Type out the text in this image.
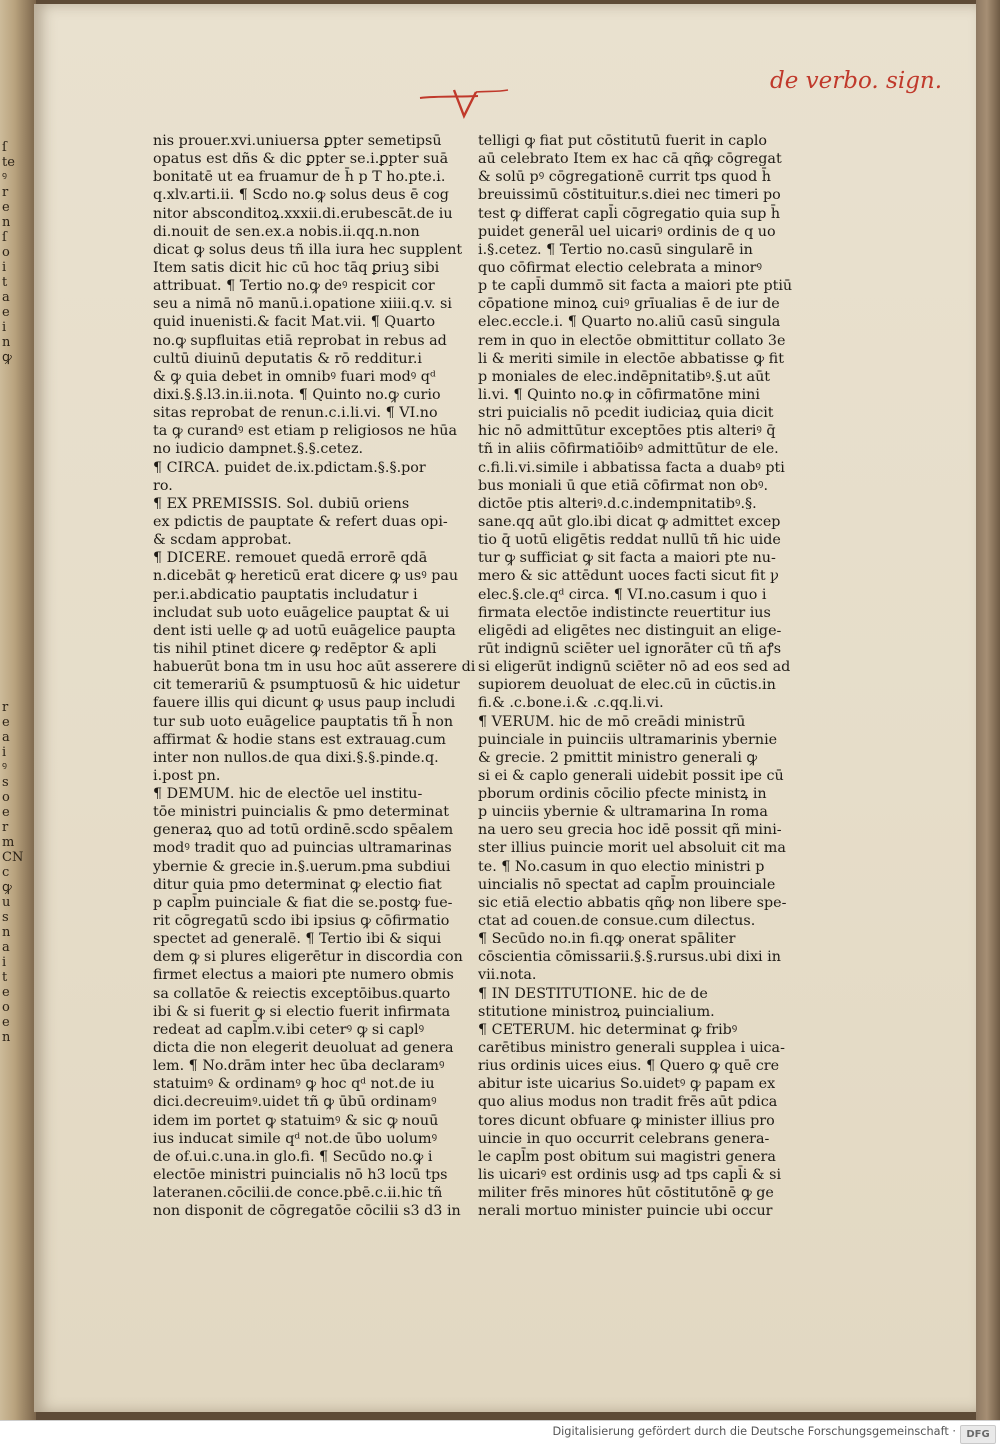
ſ
te
ꝰ
r
e
n
ſ
o
i
t
a
e
i
n
ꝙ
r
e
a
i
ꝰ
s
o
e
r
m
CN
c
ꝙ
u
s
n
a
i
t
e
o
e
n
de verbo. sign.
nis prouer.xvi.uniuersa ꝑpter semetipsū
opatus est dñs & dic ꝑpter se.i.ꝑpter suā
bonitatē ut ea fruamur de h̄ p T ho.pte.i.
q.xlv.arti.ii. ¶ Scdo no.ꝙ solus deus ē cog
nitor absconditoꝝ.xxxii.di.erubescāt.de iu
di.nouit de sen.ex.a nobis.ii.qq.n.non
dicat ꝙ solus deus tñ illa iura hec supplent
Item satis dicit hic cū hoc tāq ꝑriuꝫ sibi
attribuat. ¶ Tertio no.ꝙ deꝰ respicit cor
seu a nimā nō manū.i.opatione xiiii.q.v. si
quid inuenisti.& facit Mat.vii. ¶ Quarto
no.ꝙ supfluitas etiā reprobat in rebus ad
cultū diuinū deputatis & rō redditur.i
& ꝙ quia debet in omnibꝰ fuari modꝰ qᵈ
dixi.§.§.l3.in.ii.nota. ¶ Quinto no.ꝙ curio
sitas reprobat de renun.c.i.li.vi. ¶ VI.no
ta ꝙ curandꝰ est etiam p religiosos ne hūa
no iudicio dampnet.§.§.cetez.
¶ CIRCA. puidet de.ix.pdictam.§.§.por
ro.
¶ EX PREMISSIS. Sol. dubiū oriens
ex pdictis de pauptate & refert duas opi-
& scdam approbat.
¶ DICERE. remouet quedā errorē qdā
n.dicebāt ꝙ hereticū erat dicere ꝙ usꝰ pau
per.i.abdicatio pauptatis includatur i
includat sub uoto euāgelice pauptat & ui
dent isti uelle ꝙ ad uotū euāgelice paupta
tis nihil ptinet dicere ꝙ redēptor & apli
habuerūt bona tm in usu hoc aūt asserere di
cit temerariū & psumptuosū & hic uidetur
fauere illis qui dicunt ꝙ usus paup includi
tur sub uoto euāgelice pauptatis tñ h̄ non
affirmat & hodie stans est extrauag.cum
inter non nullos.de qua dixi.§.§.pinde.q.
i.post pn.
¶ DEMUM. hic de electōe uel institu-
tōe ministri puincialis & pmo determinat
generaꝝ quo ad totū ordinē.scdo spēalem
modꝰ tradit quo ad puincias ultramarinas
ybernie & grecie in.§.uerum.pma subdiui
ditur quia pmo determinat ꝙ electio fiat
p capl̄m puinciale & fiat die se.postꝙ fue-
rit cōgregatū scdo ibi ipsius ꝙ cōfirmatio
spectet ad generalē. ¶ Tertio ibi & siqui
dem ꝙ si plures eligerētur in discordia con
firmet electus a maiori pte numero obmis
sa collatōe & reiectis exceptōibus.quarto
ibi & si fuerit ꝙ si electio fuerit infirmata
redeat ad capl̄m.v.ibi ceterꝰ ꝙ si caplꝰ
dicta die non elegerit deuoluat ad genera
lem. ¶ No.drām inter hec ūba declaramꝰ
statuimꝰ & ordinamꝰ ꝙ hoc qᵈ not.de iu
dici.decreuimꝰ.uidet tñ ꝙ ūbū ordinamꝰ
idem im portet ꝙ statuimꝰ & sic ꝙ nouū
ius inducat simile qᵈ not.de ūbo uolumꝰ
de of.ui.c.una.in glo.fi. ¶ Secūdo no.ꝙ i
electōe ministri puincialis nō h3 locū tps
lateranen.cōcilii.de conce.pbē.c.ii.hic tñ
non disponit de cōgregatōe cōcilii s3 d3 in
telligi ꝙ fiat put cōstitutū fuerit in caplo
aū celebrato Item ex hac cā qñꝙ cōgregat
& solū pꝰ cōgregationē currit tps quod h̄
breuissimū cōstituitur.s.diei nec timeri po
test ꝙ differat capl̄i cōgregatio quia sup h̄
puidet generāl uel uicariꝰ ordinis de q uo
i.§.cetez. ¶ Tertio no.casū singularē in
quo cōfirmat electio celebrata a minorꝰ
p te capl̄i dummō sit facta a maiori pte ptiū
cōpatione minoꝝ cuiꝰ grīualias ē de iur de
elec.eccle.i. ¶ Quarto no.aliū casū singula
rem in quo in electōe obmittitur collato 3e
li & meriti simile in electōe abbatisse ꝙ fit
p moniales de elec.indēpnitatibꝰ.§.ut aūt
li.vi. ¶ Quinto no.ꝙ in cōfirmatōne mini
stri puicialis nō pcedit iudiciaꝝ quia dicit
hic nō admittūtur exceptōes ptis alteriꝰ q̄
tñ in aliis cōfirmatiōibꝰ admittūtur de ele.
c.fi.li.vi.simile i abbatissa facta a duabꝰ pti
bus moniali ū que etiā cōfirmat non obꝰ.
dictōe ptis alteriꝰ.d.c.indempnitatibꝰ.§.
sane.qq aūt glo.ibi dicat ꝙ admittet excep
tio q̄ uotū eligētis reddat nullū tñ hic uide
tur ꝙ sufficiat ꝙ sit facta a maiori pte nu-
mero & sic attēdunt uoces facti sicut fit ꝩ
elec.§.cle.qᵈ circa. ¶ VI.no.casum i quo i
firmata electōe indistincte reuertitur ius
eligēdi ad eligētes nec distinguit an elige-
rūt indignū sciēter uel ignorāter cū tñ aꝭs
si eligerūt indignū sciēter nō ad eos sed ad
supiorem deuoluat de elec.cū in cūctis.in
fi.& .c.bone.i.& .c.qq.li.vi.
¶ VERUM. hic de mō creādi ministrū
puinciale in puinciis ultramarinis ybernie
& grecie. 2 pmittit ministro generali ꝙ
si ei & caplo generali uidebit possit ipe cū
pborum ordinis cōcilio pfecte ministꝝ in
p uinciis ybernie & ultramarina In roma
na uero seu grecia hoc idē possit qñ mini-
ster illius puincie morit uel absoluit cit ma
te. ¶ No.casum in quo electio ministri p
uincialis nō spectat ad capl̄m prouinciale
sic etiā electio abbatis qñꝙ non libere spe-
ctat ad couen.de consue.cum dilectus.
¶ Secūdo no.in fi.qꝙ onerat spāliter
cōscientia cōmissarii.§.§.rursus.ubi dixi in
vii.nota.
¶ IN DESTITUTIONE. hic de de
stitutione ministroꝝ puincialium.
¶ CETERUM. hic determinat ꝙ fribꝰ
carētibus ministro generali supplea i uica-
rius ordinis uices eius. ¶ Quero ꝙ quē cre
abitur iste uicarius So.uidetꝰ ꝙ papam ex
quo alius modus non tradit frēs aūt pdica
tores dicunt obfuare ꝙ minister illius pro
uincie in quo occurrit celebrans genera-
le capl̄m post obitum sui magistri genera
lis uicariꝰ est ordinis usꝙ ad tps capl̄i & si
militer frēs minores hūt cōstitutōnē ꝙ ge
nerali mortuo minister puincie ubi occur
Digitalisierung gefördert durch die Deutsche Forschungsgemeinschaft ·	DFG
